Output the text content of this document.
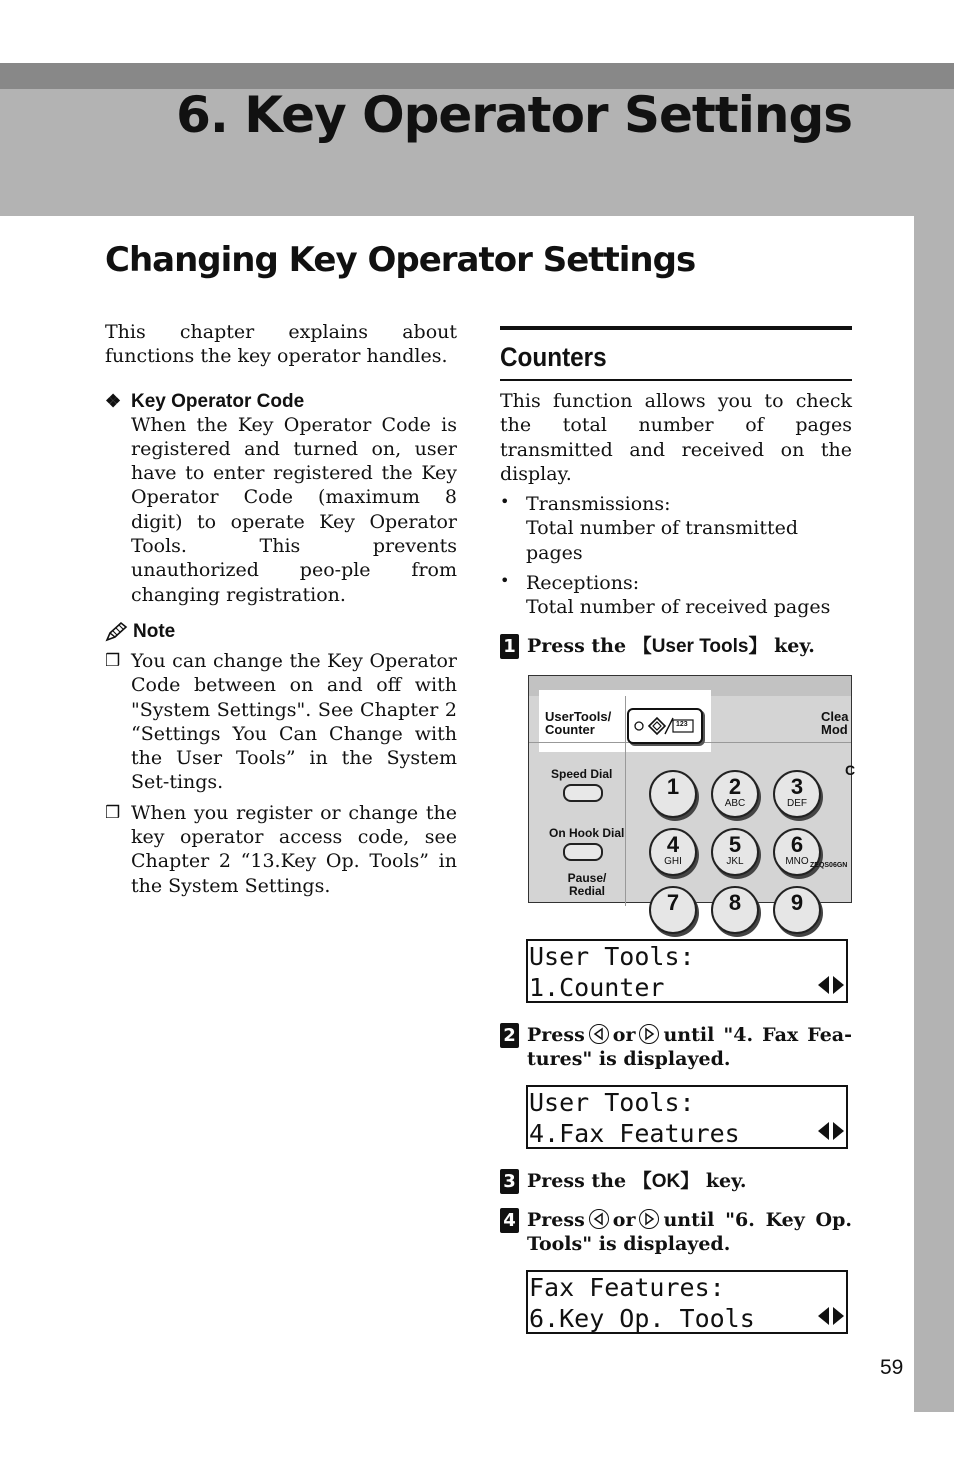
6. Key Operator Settings
Changing Key Operator Settings

This chapter explains about functions the key operator handles.

❖ Key Operator Code

When the Key Operator Code is registered and turned on, user have to enter registered the Key Operator Code (maximum 8 digit) to operate Key Operator Tools. This prevents unauthorized peo-ple from changing registration.

Note
❒ You can change the Key Operator Code between on and off with "System Settings". See Chapter 2 “Settings You Can Change with the User Tools” in the System Set-tings.

❒ When you register or change the key operator access code, see Chapter 2 “13.Key Op. Tools” in the System Settings.

Counters

This function allows you to check the total number of pages transmitted and received on the display.

• Transmissions:
Total number of transmitted pages

• Receptions:
Total number of received pages

1 Press the 【User Tools】 key.
UserTools/ Counter	123
Clea Mod
C
Speed Dial
On Hook Dial
Pause/ Redial
1	2
ABC
3
DEF
4
GHI
5
JKL
6
MNO
7	8	9
User Tools:
1.Counter
2 Press or until "4. Fax Fea-tures" is displayed.
User Tools:
4.Fax Features
3 Press the 【OK】 key.
4 Press or until "6. Key Op. Tools" is displayed.
Fax Features:
6.Key Op. Tools
ZEQS06GN
59
